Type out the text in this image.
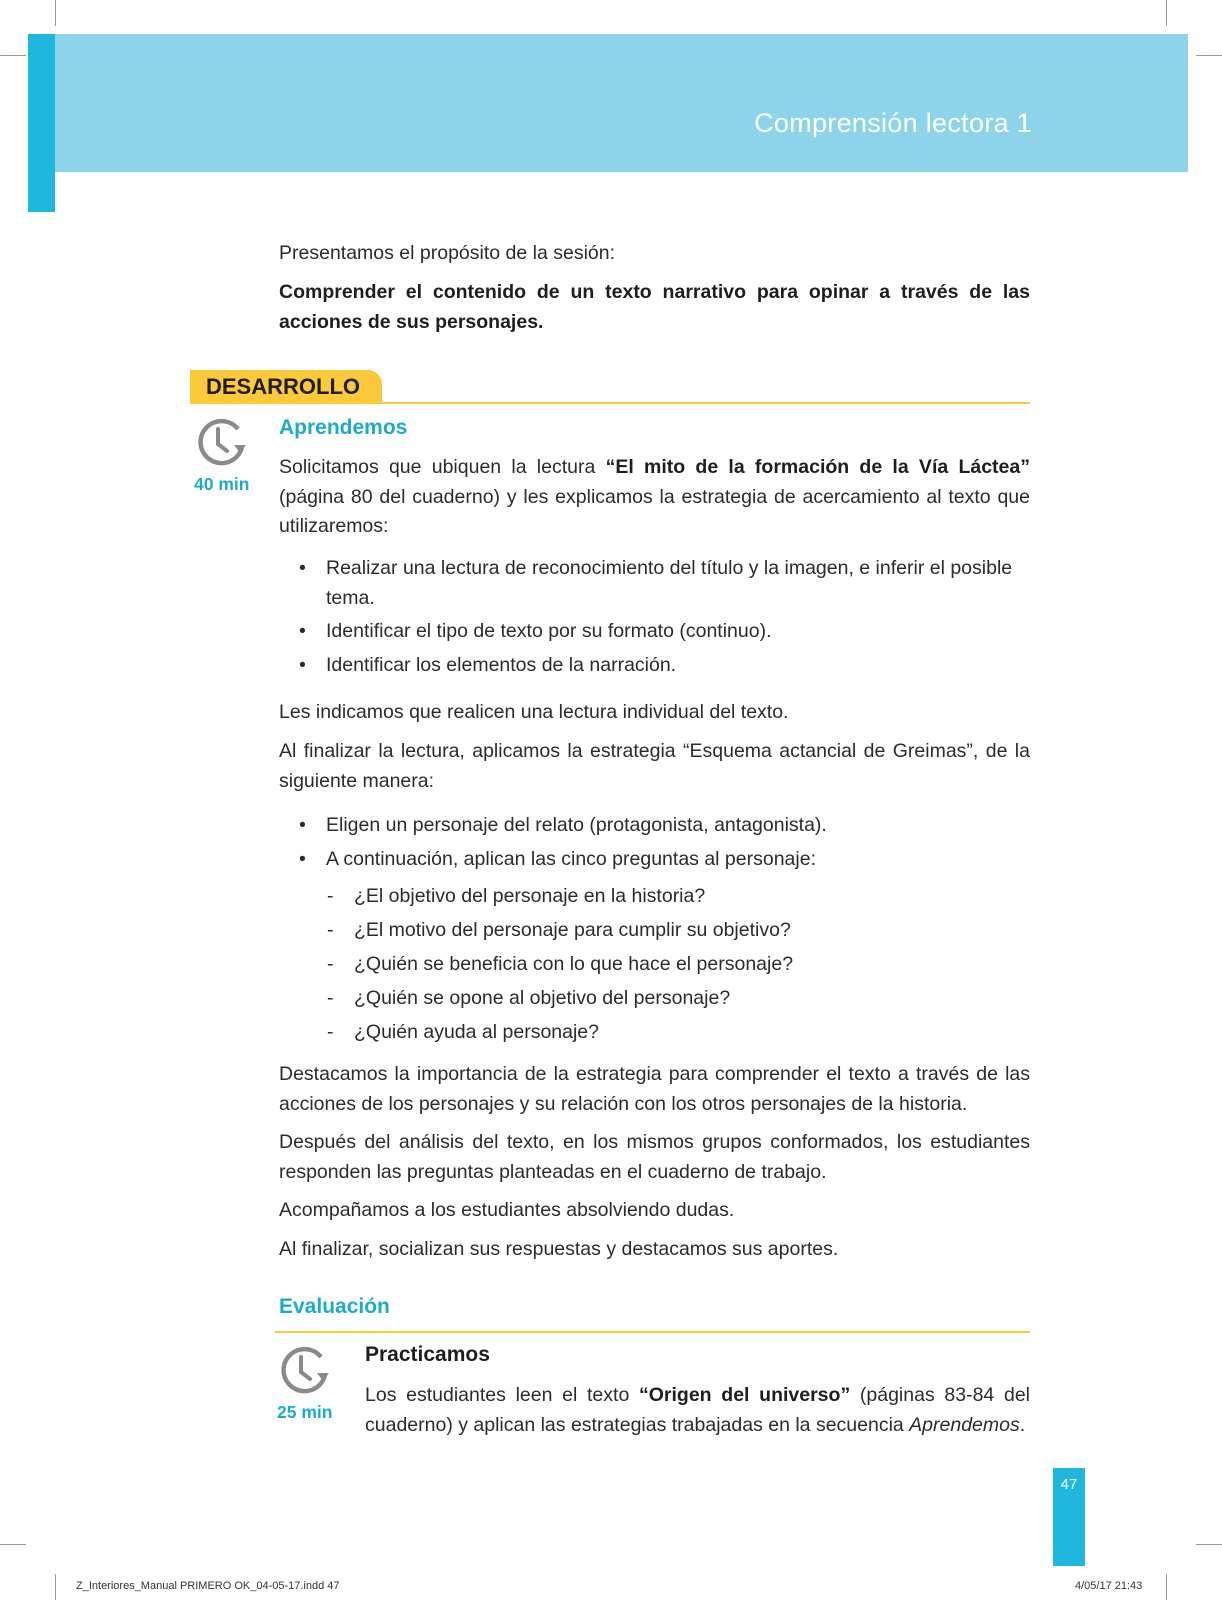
Comprensión lectora 1
Presentamos el propósito de la sesión:
Comprender el contenido de un texto narrativo para opinar a través de las acciones de sus personajes.
DESARROLLO
40 min
Aprendemos
Solicitamos que ubiquen la lectura “El mito de la formación de la Vía Láctea” (página 80 del cuaderno) y les explicamos la estrategia de acercamiento al texto que utilizaremos:
• Realizar una lectura de reconocimiento del título y la imagen, e inferir el posible tema.
• Identificar el tipo de texto por su formato (continuo).
• Identificar los elementos de la narración.
Les indicamos que realicen una lectura individual del texto.
Al finalizar la lectura, aplicamos la estrategia “Esquema actancial de Greimas”, de la siguiente manera:
• Eligen un personaje del relato (protagonista, antagonista).
• A continuación, aplican las cinco preguntas al personaje:
- ¿El objetivo del personaje en la historia?
- ¿El motivo del personaje para cumplir su objetivo?
- ¿Quién se beneficia con lo que hace el personaje?
- ¿Quién se opone al objetivo del personaje?
- ¿Quién ayuda al personaje?
Destacamos la importancia de la estrategia para comprender el texto a través de las acciones de los personajes y su relación con los otros personajes de la historia.
Después del análisis del texto, en los mismos grupos conformados, los estudiantes responden las preguntas planteadas en el cuaderno de trabajo.
Acompañamos a los estudiantes absolviendo dudas.
Al finalizar, socializan sus respuestas y destacamos sus aportes.
Evaluación
25 min
Practicamos
Los estudiantes leen el texto “Origen del universo” (páginas 83-84 del cuaderno) y aplican las estrategias trabajadas en la secuencia Aprendemos.
47
Z_Interiores_Manual PRIMERO OK_04-05-17.indd 47	4/05/17 21:43
